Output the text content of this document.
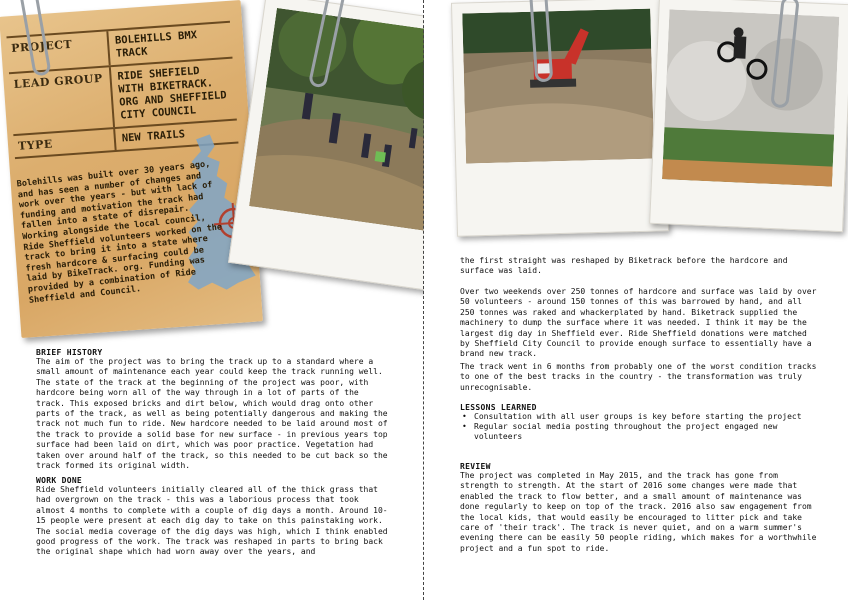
PROJECT	BOLEHILLS BMX TRACK
LEAD GROUP	RIDE SHEFIELD WITH BIKETRACK. ORG AND SHEFFIELD CITY COUNCIL
TYPE
NEW TRAILS
Bolehills was built over 30 years ago, and has seen a number of changes and work over the years - but with lack of funding and motivation the track had fallen into a state of disrepair. Working alongside the local council, Ride Sheffield volunteers worked on the track to bring it into a state where fresh hardcore & surfacing could be laid by BikeTrack. org. Funding was provided by a combination of Ride Sheffield and Council.
BRIEF HISTORY
The aim of the project was to bring the track up to a standard where a small amount of maintenance each year could keep the track running well. The state of the track at the beginning of the project was poor, with hardcore being worn all of the way through in a lot of parts of the track. This exposed bricks and dirt below, which would drag onto other parts of the track, as well as being potentially dangerous and making the track not much fun to ride. New hardcore needed to be laid around most of the track to provide a solid base for new surface - in previous years top surface had been laid on dirt, which was poor practice. Vegetation had taken over around half of the track, so this needed to be cut back so the track formed its original width.
WORK DONE
Ride Sheffield volunteers initially cleared all of the thick grass that had overgrown on the track - this was a laborious process that took almost 4 months to complete with a couple of dig days a month. Around 10-15 people were present at each dig day to take on this painstaking work. The social media coverage of the dig days was high, which I think enabled good progress of the work. The track was reshaped in parts to bring back the original shape which had worn away over the years, and
the first straight was reshaped by Biketrack before the hardcore and surface was laid.
Over two weekends over 250 tonnes of hardcore and surface was laid by over 50 volunteers - around 150 tonnes of this was barrowed by hand, and all 250 tonnes was raked and whackerplated by hand. Biketrack supplied the machinery to dump the surface where it was needed. I think it may be the largest dig day in Sheffield ever. Ride Sheffield donations were matched by Sheffield City Council to provide enough surface to essentially have a brand new track.
The track went in 6 months from probably one of the worst condition tracks to one of the best tracks in the country - the transformation was truly unrecognisable.
LESSONS LEARNED
• Consultation with all user groups is key before starting the project
• Regular social media posting throughout the project engaged new volunteers
REVIEW
The project was completed in May 2015, and the track has gone from strength to strength. At the start of 2016 some changes were made that enabled the track to flow better, and a small amount of maintenance was done regularly to keep on top of the track. 2016 also saw engagement from the local kids, that would easily be encouraged to litter pick and take care of 'their track'. The track is never quiet, and on a warm summer's evening there can be easily 50 people riding, which makes for a worthwhile project and a fun spot to ride.
